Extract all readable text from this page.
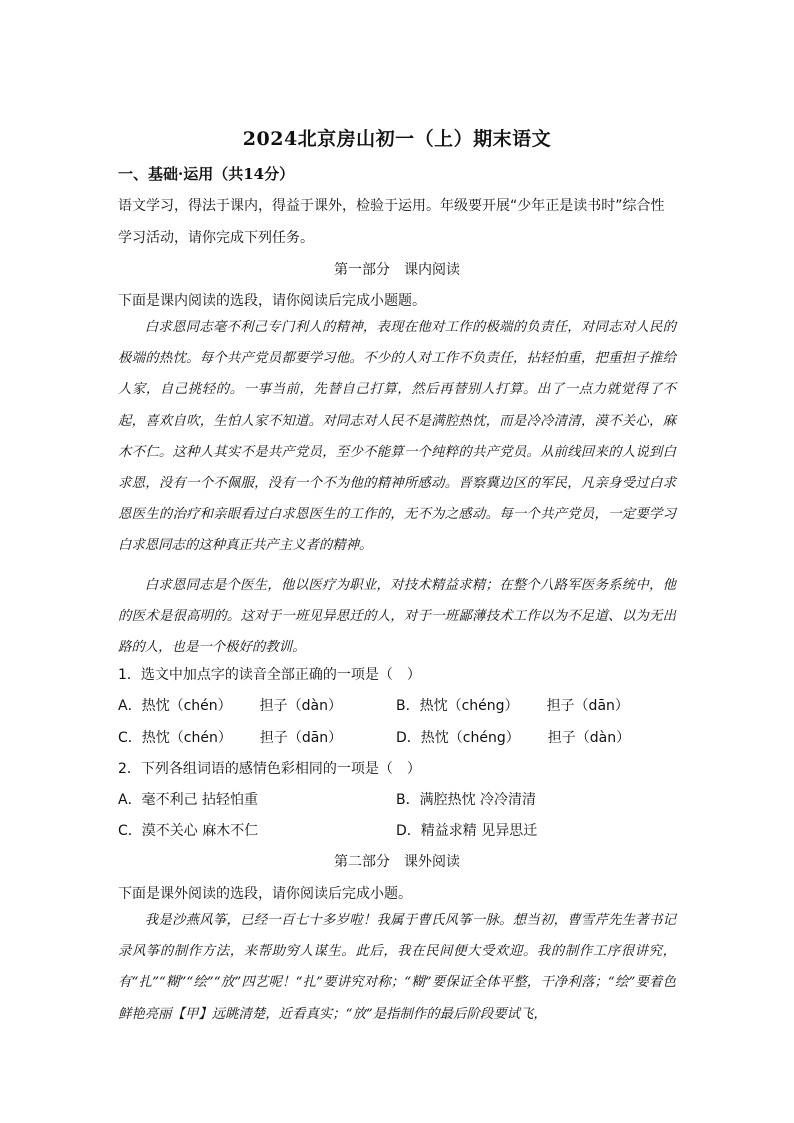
2024北京房山初一（上）期末语文
一、基础·运用（共14分）
语文学习，得法于课内，得益于课外，检验于运用。年级要开展“少年正是读书时”综合性学习活动，请你完成下列任务。
第一部分　课内阅读
下面是课内阅读的选段，请你阅读后完成小题题。

白求恩同志毫不利己专门利人的精神，表现在他对工作的极端的负责任，对同志对人民的极端的热忱。每个共产党员都要学习他。不少的人对工作不负责任，拈轻怕重，把重担子推给人家，自己挑轻的。一事当前，先替自己打算，然后再替别人打算。出了一点力就觉得了不起，喜欢自吹，生怕人家不知道。对同志对人民不是满腔热忱，而是冷冷清清，漠不关心，麻木不仁。这种人其实不是共产党员，至少不能算一个纯粹的共产党员。从前线回来的人说到白求恩，没有一个不佩服，没有一个不为他的精神所感动。晋察冀边区的军民，凡亲身受过白求恩医生的治疗和亲眼看过白求恩医生的工作的，无不为之感动。每一个共产党员，一定要学习白求恩同志的这种真正共产主义者的精神。

白求恩同志是个医生，他以医疗为职业，对技术精益求精；在整个八路军医务系统中，他的医术是很高明的。这对于一班见异思迁的人，对于一班鄙薄技术工作以为不足道、以为无出路的人，也是一个极好的教训。

1．选文中加点字的读音全部正确的一项是（　）
A．热忱（chén） 担子（dàn）	B．热忱（chéng） 担子（dān）
C．热忱（chén） 担子（dān）	D．热忱（chéng） 担子（dàn）
2．下列各组词语的感情色彩相同的一项是（　）
A．毫不利己 拈轻怕重	B．满腔热忱 冷冷清清
C．漠不关心 麻木不仁	D．精益求精 见异思迁
第二部分　课外阅读
下面是课外阅读的选段，请你阅读后完成小题。

我是沙燕风筝，已经一百七十多岁啦！我属于曹氏风筝一脉。想当初，曹雪芹先生著书记录风筝的制作方法，来帮助穷人谋生。此后，我在民间便大受欢迎。我的制作工序很讲究，有“扎”“糊”“绘”“放”四艺呢！“扎”要讲究对称；“糊”要保证全体平整，干净利落；“绘”要着色鲜艳亮丽【甲】远眺清楚，近看真实；“放”是指制作的最后阶段要试飞，
